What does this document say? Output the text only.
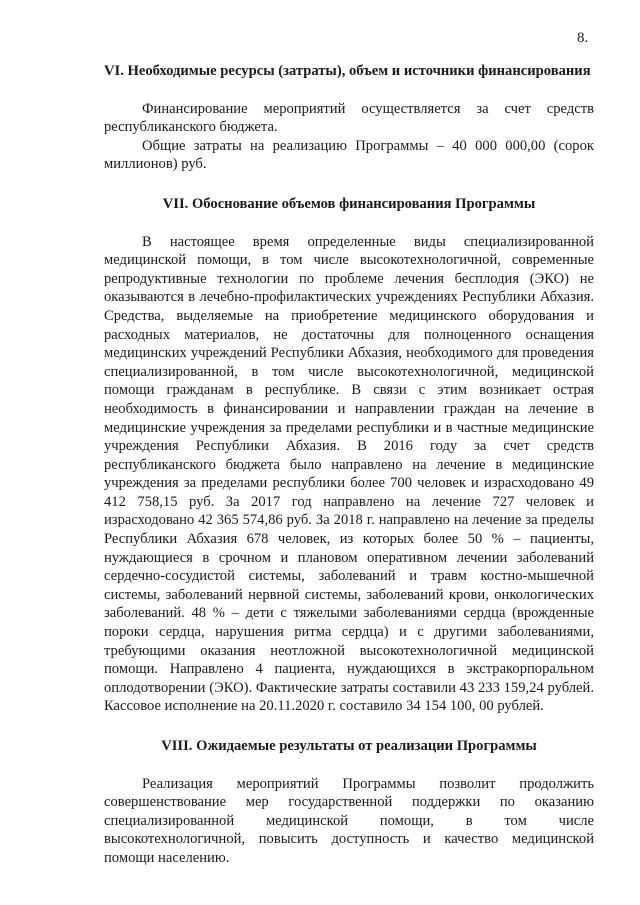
8.
VI. Необходимые ресурсы (затраты), объем и источники финансирования

Финансирование мероприятий осуществляется за счет средств республиканского бюджета.

Общие затраты на реализацию Программы – 40 000 000,00 (сорок миллионов) руб.

VII. Обоснование объемов финансирования Программы

В настоящее время определенные виды специализированной медицинской помощи, в том числе высокотехнологичной, современные репродуктивные технологии по проблеме лечения бесплодия (ЭКО) не оказываются в лечебно-профилактических учреждениях Республики Абхазия. Средства, выделяемые на приобретение медицинского оборудования и расходных материалов, не достаточны для полноценного оснащения медицинских учреждений Республики Абхазия, необходимого для проведения специализированной, в том числе высокотехнологичной, медицинской помощи гражданам в республике. В связи с этим возникает острая необходимость в финансировании и направлении граждан на лечение в медицинские учреждения за пределами республики и в частные медицинские учреждения Республики Абхазия. В 2016 году за счет средств республиканского бюджета было направлено на лечение в медицинские учреждения за пределами республики более 700 человек и израсходовано 49 412 758,15 руб. За 2017 год направлено на лечение 727 человек и израсходовано 42 365 574,86 руб. За 2018 г. направлено на лечение за пределы Республики Абхазия 678 человек, из которых более 50 % – пациенты, нуждающиеся в срочном и плановом оперативном лечении заболеваний сердечно-сосудистой системы, заболеваний и травм костно-мышечной системы, заболеваний нервной системы, заболеваний крови, онкологических заболеваний. 48 % – дети с тяжелыми заболеваниями сердца (врожденные пороки сердца, нарушения ритма сердца) и с другими заболеваниями, требующими оказания неотложной высокотехнологичной медицинской помощи. Направлено 4 пациента, нуждающихся в экстракорпоральном оплодотворении (ЭКО). Фактические затраты составили 43 233 159,24 рублей. Кассовое исполнение на 20.11.2020 г. составило 34 154 100, 00 рублей.

VIII. Ожидаемые результаты от реализации Программы

Реализация мероприятий Программы позволит продолжить совершенствование мер государственной поддержки по оказанию специализированной медицинской помощи, в том числе высокотехнологичной, повысить доступность и качество медицинской помощи населению.
